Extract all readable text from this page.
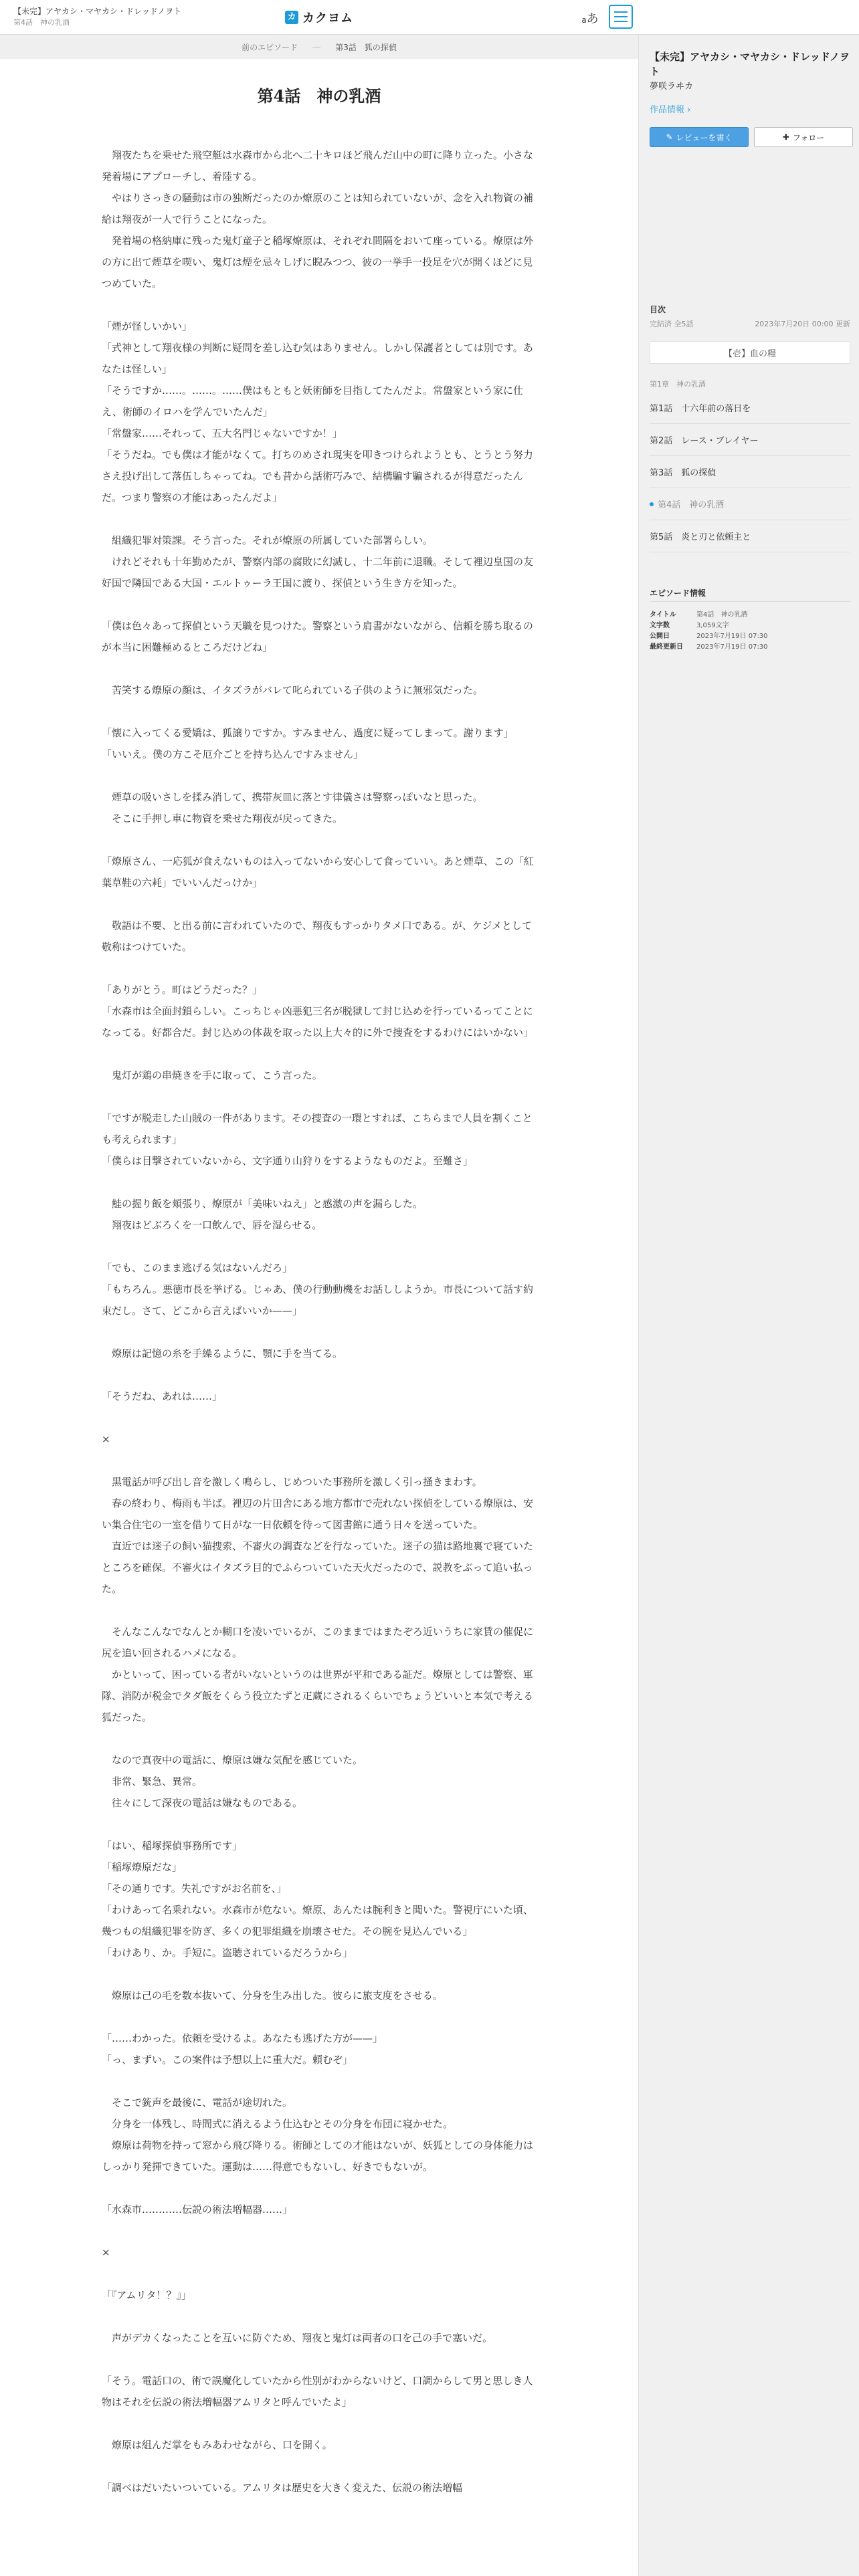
【未完】アヤカシ・マヤカシ・ドレッドノヲト
第4話　神の乳酒
カ カクヨム	aあ
前のエピソード ― 第3話　狐の探偵
第4話　神の乳酒

　翔夜たちを乗せた飛空艇は水森市から北へ二十キロほど飛んだ山中の町に降り立った。小さな発着場にアプローチし、着陸する。

　やはりさっきの騒動は市の独断だったのか燎原のことは知られていないが、念を入れ物資の補給は翔夜が一人で行うことになった。

　発着場の格納庫に残った鬼灯童子と稲塚燎原は、それぞれ間隔をおいて座っている。燎原は外の方に出て煙草を喫い、鬼灯は煙を忌々しげに睨みつつ、彼の一挙手一投足を穴が開くほどに見つめていた。

「煙が怪しいかい」

「式神として翔夜様の判断に疑問を差し込む気はありません。しかし保護者としては別です。あなたは怪しい」

「そうですか……。……。……僕はもともと妖術師を目指してたんだよ。常盤家という家に仕え、術師のイロハを学んでいたんだ」

「常盤家……それって、五大名門じゃないですか！」

「そうだね。でも僕は才能がなくて。打ちのめされ現実を叩きつけられようとも、とうとう努力さえ投げ出して落伍しちゃってね。でも昔から話術巧みで、結構騙す騙されるが得意だったんだ。つまり警察の才能はあったんだよ」

　組織犯罪対策課。そう言った。それが燎原の所属していた部署らしい。

　けれどそれも十年勤めたが、警察内部の腐敗に幻滅し、十二年前に退職。そして裡辺皇国の友好国で隣国である大国・エルトゥーラ王国に渡り、探偵という生き方を知った。

「僕は色々あって探偵という天職を見つけた。警察という肩書がないながら、信頼を勝ち取るのが本当に困難極めるところだけどね」

　苦笑する燎原の顔は、イタズラがバレて叱られている子供のように無邪気だった。

「懐に入ってくる愛嬌は、狐譲りですか。すみません、過度に疑ってしまって。謝ります」

「いいえ。僕の方こそ厄介ごとを持ち込んですみません」

　煙草の吸いさしを揉み消して、携帯灰皿に落とす律儀さは警察っぽいなと思った。

　そこに手押し車に物資を乗せた翔夜が戻ってきた。

「燎原さん、一応狐が食えないものは入ってないから安心して食っていい。あと煙草、この「紅葉草鞋の六耗」でいいんだっけか」

　敬語は不要、と出る前に言われていたので、翔夜もすっかりタメ口である。が、ケジメとして敬称はつけていた。

「ありがとう。町はどうだった？」

「水森市は全面封鎖らしい。こっちじゃ凶悪犯三名が脱獄して封じ込めを行っているってことになってる。好都合だ。封じ込めの体裁を取った以上大々的に外で捜査をするわけにはいかない」

　鬼灯が鶏の串焼きを手に取って、こう言った。

「ですが脱走した山賊の一件があります。その捜査の一環とすれば、こちらまで人員を割くことも考えられます」

「僕らは目撃されていないから、文字通り山狩りをするようなものだよ。至難さ」

　鮭の握り飯を頬張り、燎原が「美味いねえ」と感激の声を漏らした。

　翔夜はどぶろくを一口飲んで、唇を湿らせる。

「でも、このまま逃げる気はないんだろ」

「もちろん。悪徳市長を挙げる。じゃあ、僕の行動動機をお話ししようか。市長について話す約束だし。さて、どこから言えばいいか——」

　燎原は記憶の糸を手繰るように、顎に手を当てる。

「そうだね、あれは……」

×

　黒電話が呼び出し音を激しく鳴らし、じめついた事務所を激しく引っ掻きまわす。

　春の終わり、梅雨も半ば。裡辺の片田舎にある地方都市で売れない探偵をしている燎原は、安い集合住宅の一室を借りて日がな一日依頼を待って図書館に通う日々を送っていた。

　直近では迷子の飼い猫捜索、不審火の調査などを行なっていた。迷子の猫は路地裏で寝ていたところを確保。不審火はイタズラ目的でふらついていた天火だったので、説教をぶって追い払った。

　そんなこんなでなんとか糊口を凌いでいるが、このままではまたぞろ近いうちに家賃の催促に尻を追い回されるハメになる。

　かといって、困っている者がいないというのは世界が平和である証だ。燎原としては警察、軍隊、消防が税金でタダ飯をくらう役立たずと疋蔵にされるくらいでちょうどいいと本気で考える狐だった。

　なので真夜中の電話に、燎原は嫌な気配を感じていた。

　非常、緊急、異常。

　往々にして深夜の電話は嫌なものである。

「はい、稲塚探偵事務所です」

「稲塚燎原だな」

「その通りです。失礼ですがお名前を、」

「わけあって名乗れない。水森市が危ない。燎原、あんたは腕利きと聞いた。警視庁にいた頃、幾つもの組織犯罪を防ぎ、多くの犯罪組織を崩壊させた。その腕を見込んでいる」

「わけあり、か。手短に。盗聴されているだろうから」

　燎原は己の毛を数本抜いて、分身を生み出した。彼らに旅支度をさせる。

「……わかった。依頼を受けるよ。あなたも逃げた方が——」

「っ、まずい。この案件は予想以上に重大だ。頼むぞ」

　そこで銃声を最後に、電話が途切れた。

　分身を一体残し、時間式に消えるよう仕込むとその分身を布団に寝かせた。

　燎原は荷物を持って窓から飛び降りる。術師としての才能はないが、妖狐としての身体能力はしっかり発揮できていた。運動は……得意でもないし、好きでもないが。

「水森市…………伝説の術法増幅器……」

×

「『アムリタ！？』」

　声がデカくなったことを互いに防ぐため、翔夜と鬼灯は両者の口を己の手で塞いだ。

「そう。電話口の、術で誤魔化していたから性別がわからないけど、口調からして男と思しき人物はそれを伝説の術法増幅器アムリタと呼んでいたよ」

　燎原は組んだ掌をもみあわせながら、口を開く。

「調べはだいたいついている。アムリタは歴史を大きく変えた、伝説の術法増幅

【未完】アヤカシ・マヤカシ・ドレッドノヲト
夢咲ラヰカ
作品情報 ›
✎ レビューを書く	✚ フォロー
目次
完結済 全5話	2023年7月20日 00:00 更新
【壱】血の糧
第1章　神の乳酒
第1話　十六年前の落日を
第2話　レース・ブレイヤー
第3話　狐の探偵
第4話　神の乳酒
第5話　炎と刃と依頼主と
エピソード情報
タイトル	第4話　神の乳酒
文字数	3,059文字
公開日	2023年7月19日 07:30
最終更新日	2023年7月19日 07:30
